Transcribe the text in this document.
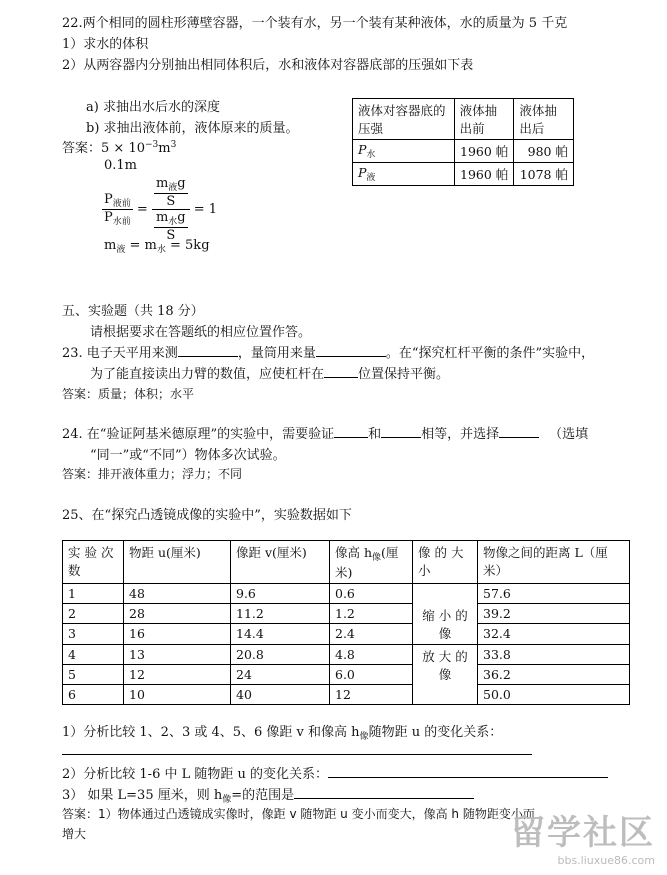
22.两个相同的圆柱形薄壁容器，一个装有水，另一个装有某种液体，水的质量为 5 千克
1）求水的体积
2）从两容器内分别抽出相同体积后，水和液体对容器底部的压强如下表
a) 求抽出水后水的深度
b) 求抽出液体前，液体原来的质量。
答案：$5 \times 10^{-3}m^3$
0.1m
$\frac{P_{液前}}{P_{水前}} = \frac{\frac{m_液g}{S}}{\frac{m_水g}{S}} = 1$
$m_液 = m_水 = 5kg$
液体对容器底的压强	液体抽出前	液体抽出后
$P_水$	1960 帕	980 帕
$P_液$	1960 帕	1078 帕
五、实验题（共 18 分）
请根据要求在答题纸的相应位置作答。
23. 电子天平用来测	，量筒用来量	。在“探究杠杆平衡的条件”实验中，
为了能直接读出力臂的数值，应使杠杆在	位置保持平衡。
答案：质量；体积；水平
24. 在“验证阿基米德原理”的实验中，需要验证	和	相等，并选择	（选填
“同一”或“不同”）物体多次试验。
答案：排开液体重力；浮力；不同
25、在“探究凸透镜成像的实验中”，实验数据如下
实 验 次 数	物距 u(厘米)	像距 v(厘米)	像高 $h_像$(厘 米)	像 的 大 小	物像之间的距离 L（厘米）
1	48	9.6	0.6		57.6
2	28	11.2	1.2	缩 小 的 像	39.2
3	16	14.4	2.4		32.4
4	13	20.8	4.8	放 大 的 像	33.8
5	12	24	6.0		36.2
6	10	40	12		50.0
1）分析比较 1、2、3 或 4、5、6 像距 v 和像高 $h_像$随物距 u 的变化关系：
2）分析比较 1-6 中 L 随物距 u 的变化关系：
3） 如果 L=35 厘米，则 $h_像=$的范围是
答案：1）物体通过凸透镜成实像时，像距 v 随物距 u 变小而变大，像高 h 随物距变小而
增大	留学社区
bbs.liuxue86.com
